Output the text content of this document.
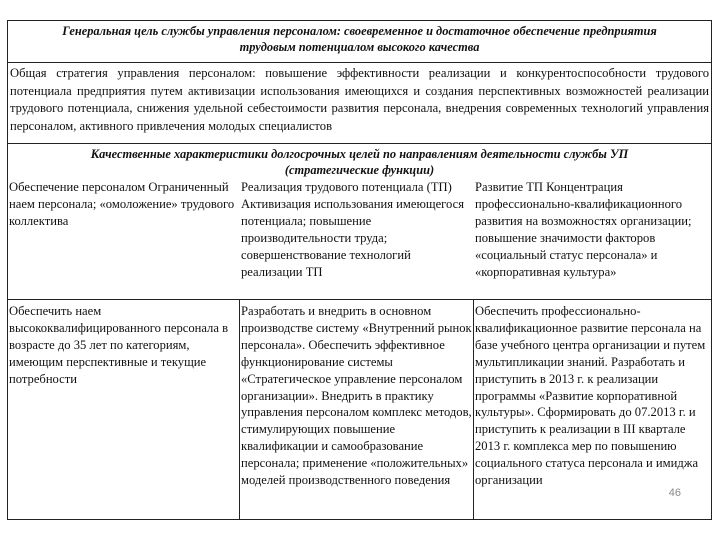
Генеральная цель службы управления персоналом: своевременное и достаточное обеспечение предприятия
трудовым потенциалом высокого качества
Общая стратегия управления персоналом: повышение эффективности реализации и конкурентоспособности трудового потенциала предприятия путем активизации использования имеющихся и создания перспективных возможностей реализации трудового потенциала, снижения удельной себестоимости развития персонала, внедрения современных технологий управления персоналом, активного привлечения молодых специалистов
Качественные характеристики долгосрочных целей по направлениям деятельности службы УП
(стратегические функции)
Обеспечение персоналом Ограниченный наем персонала; «омоложение» трудового коллектива
Реализация трудового потенциала (ТП) Активизация использования имеющегося потенциала; повышение производительности труда; совершенствование технологий реализации ТП
Развитие ТП Концентрация профессионально-квалификационного развития на возможностях организации; повышение значимости факторов «социальный статус персонала» и «корпоративная культура»
Обеспечить наем высококвалифицированного персонала в возрасте до 35 лет по категориям, имеющим перспективные и текущие потребности
Разработать и внедрить в основном производстве систему «Внутренний рынок персонала». Обеспечить эффективное функционирование системы «Стратегическое управление персоналом организации». Внедрить в практику управления персоналом комплекс методов, стимулирующих повышение квалификации и самообразование персонала; применение «положительных» моделей производственного поведения
Обеспечить профессионально-квалификационное развитие персонала на базе учебного центра организации и путем мультипликации знаний. Разработать и приступить в 2013 г. к реализации программы «Развитие корпоративной культуры». Сформировать до 07.2013 г. и приступить к реализации в III квартале 2013 г. комплекса мер по повышению социального статуса персонала и имиджа организации
46
